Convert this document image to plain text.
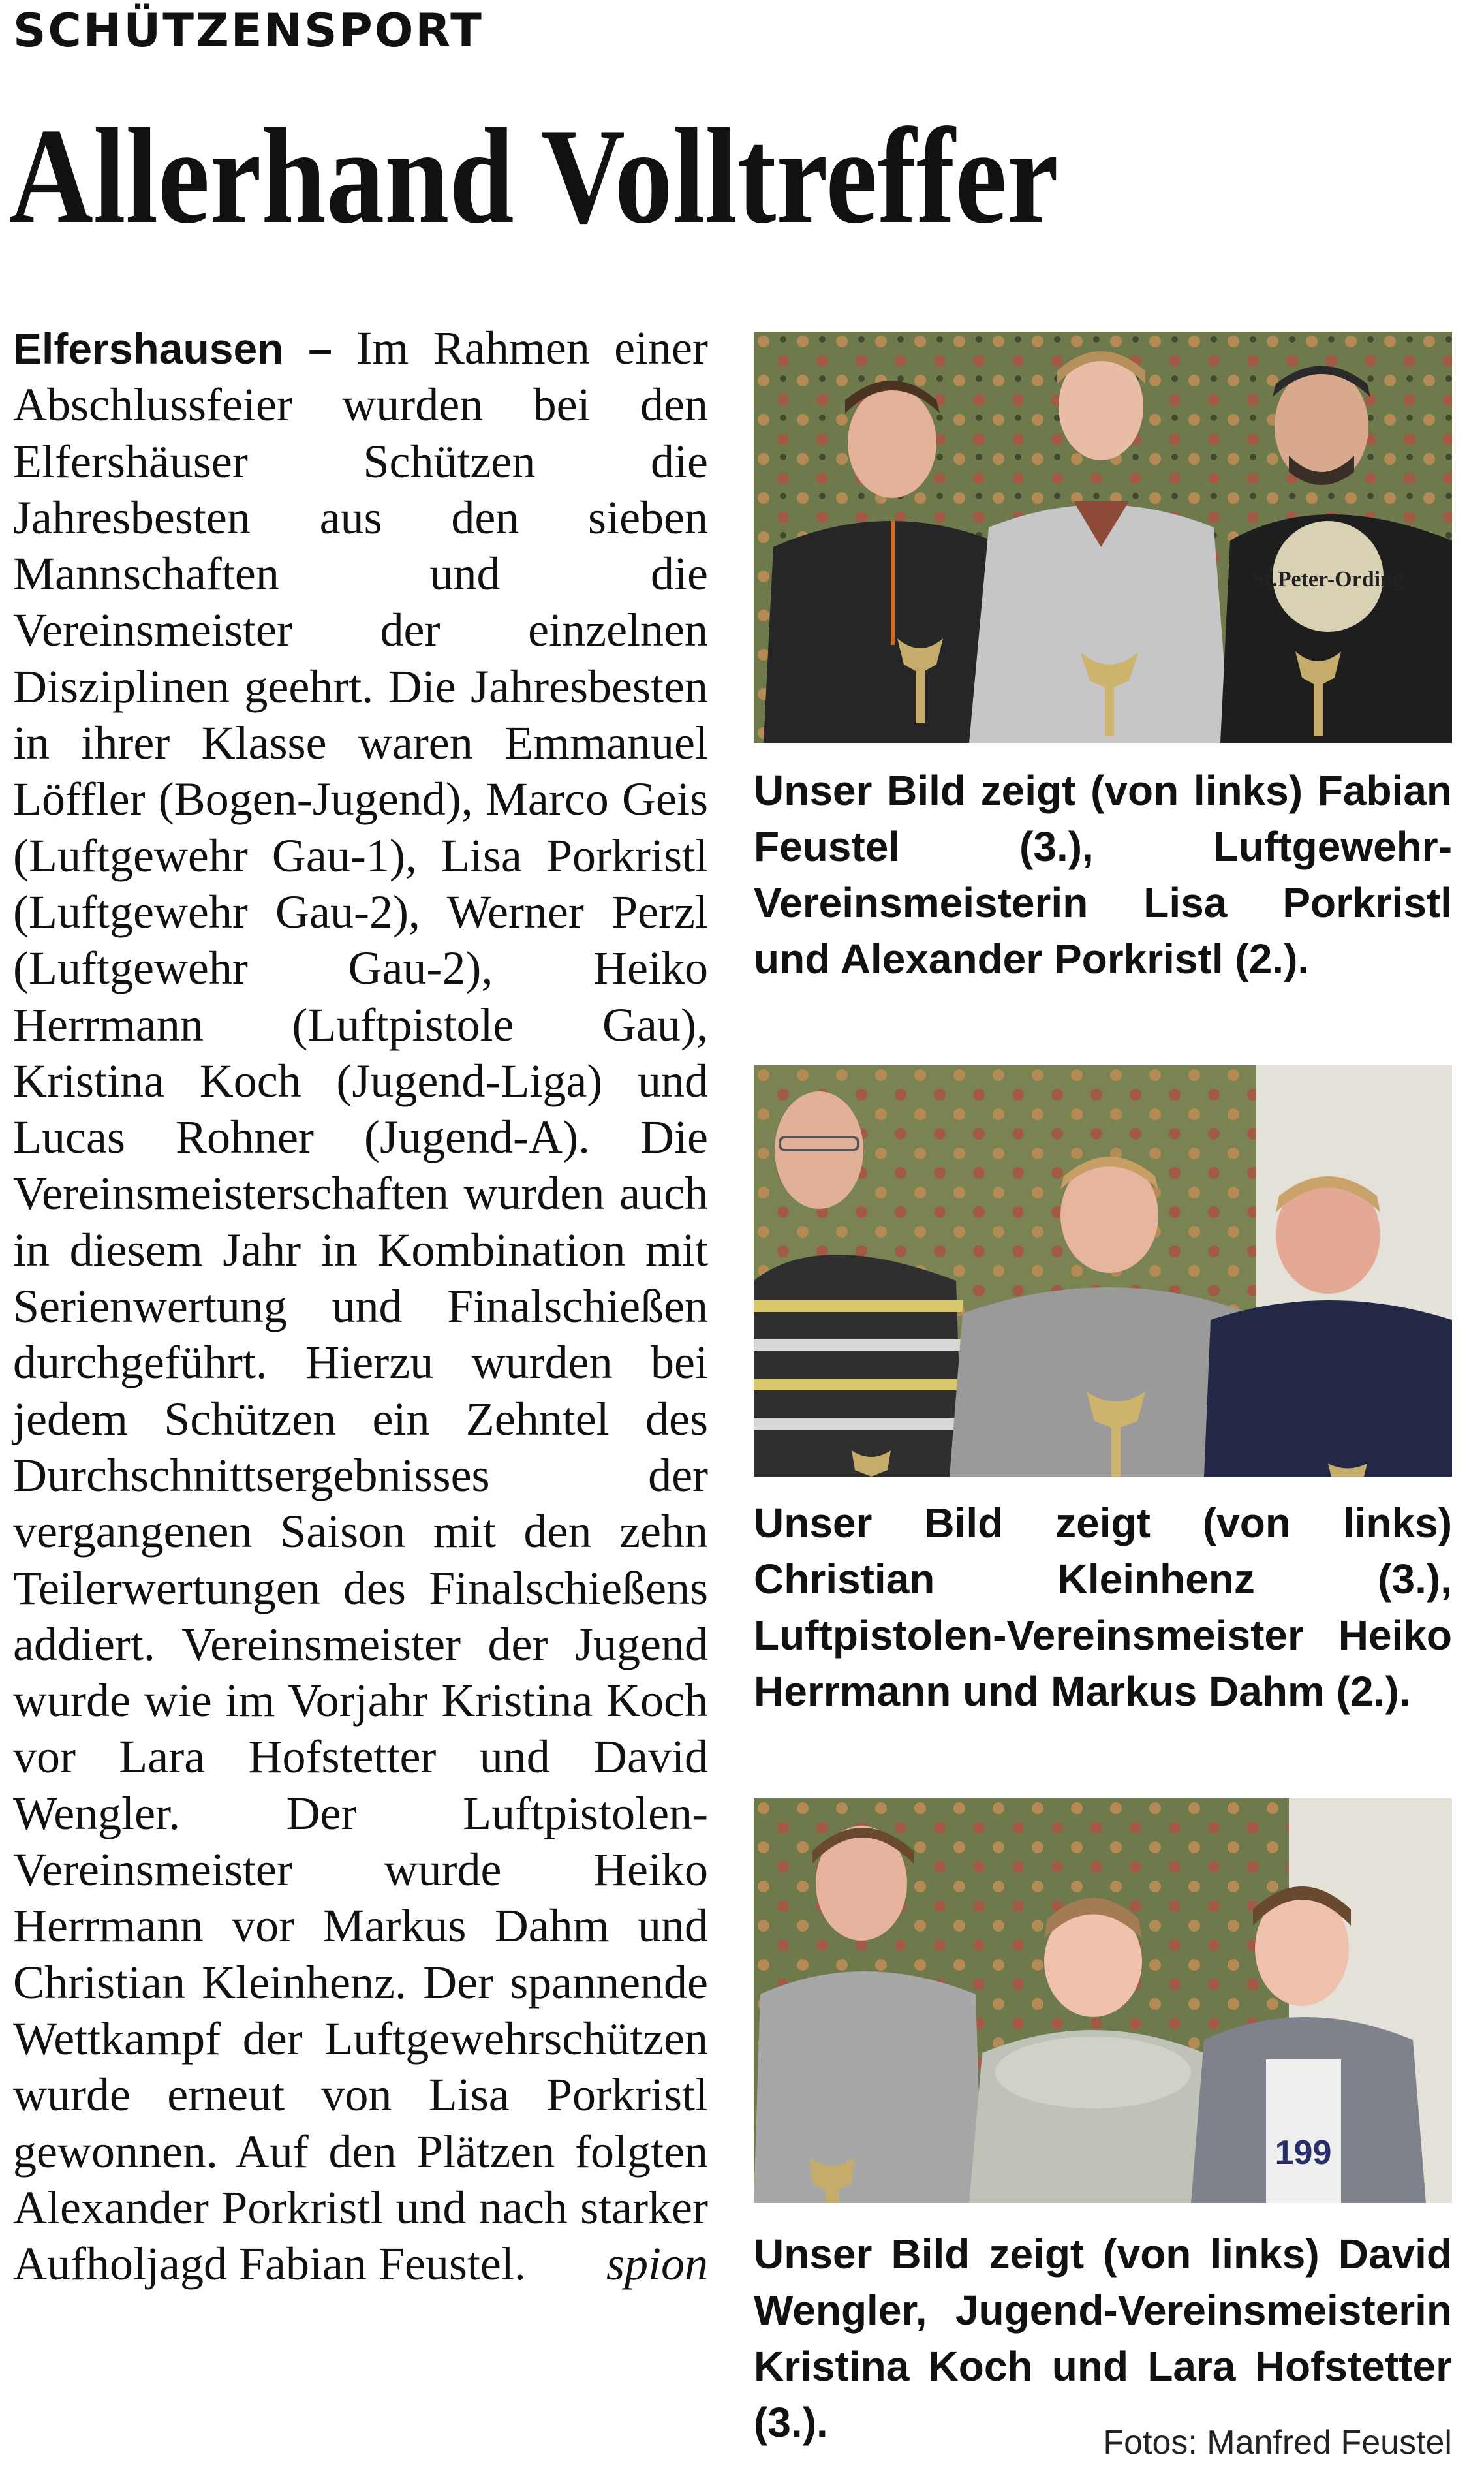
SCHÜTZENSPORT
Allerhand Volltreffer

Elfershausen – Im Rahmen einer Abschlussfeier wurden bei den Elfershäuser Schützen die Jahresbesten aus den sieben Mannschaften und die Vereinsmeister der einzelnen Disziplinen geehrt. Die Jahresbesten in ihrer Klasse waren Emmanuel Löffler (Bogen-Jugend), Marco Geis (Luftgewehr Gau-1), Lisa Porkristl (Luftgewehr Gau-2), Werner Perzl (Luftgewehr Gau-2), Heiko Herrmann (Luftpistole Gau), Kristina Koch (Jugend-Liga) und Lucas Rohner (Jugend-A). Die Vereinsmeisterschaften wurden auch in diesem Jahr in Kombination mit Serienwertung und Finalschießen durchgeführt. Hierzu wurden bei jedem Schützen ein Zehntel des Durchschnittsergebnisses der vergangenen Saison mit den zehn Teilerwertungen des Finalschießens addiert. Vereinsmeister der Jugend wurde wie im Vorjahr Kristina Koch vor Lara Hofstetter und David Wengler. Der Luftpistolen-Vereinsmeister wurde Heiko Herrmann vor Markus Dahm und Christian Kleinhenz. Der spannende Wettkampf der Luftgewehrschützen wurde erneut von Lisa Porkristl gewonnen. Auf den Plätzen folgten Alexander Porkristl und nach starker Aufholjagd Fabian Feustel. spion

St.Peter-Ording

Unser Bild zeigt (von links) Fabian Feustel (3.), Luftgewehr-Vereinsmeisterin Lisa Porkristl und Alexander Porkristl (2.).

Unser Bild zeigt (von links) Christian Kleinhenz (3.), Luftpistolen-Vereinsmeister Heiko Herrmann und Markus Dahm (2.).

199

Unser Bild zeigt (von links) David Wengler, Jugend-Vereinsmeisterin Kristina Koch und Lara Hofstetter (3.).	Fotos: Manfred Feustel
